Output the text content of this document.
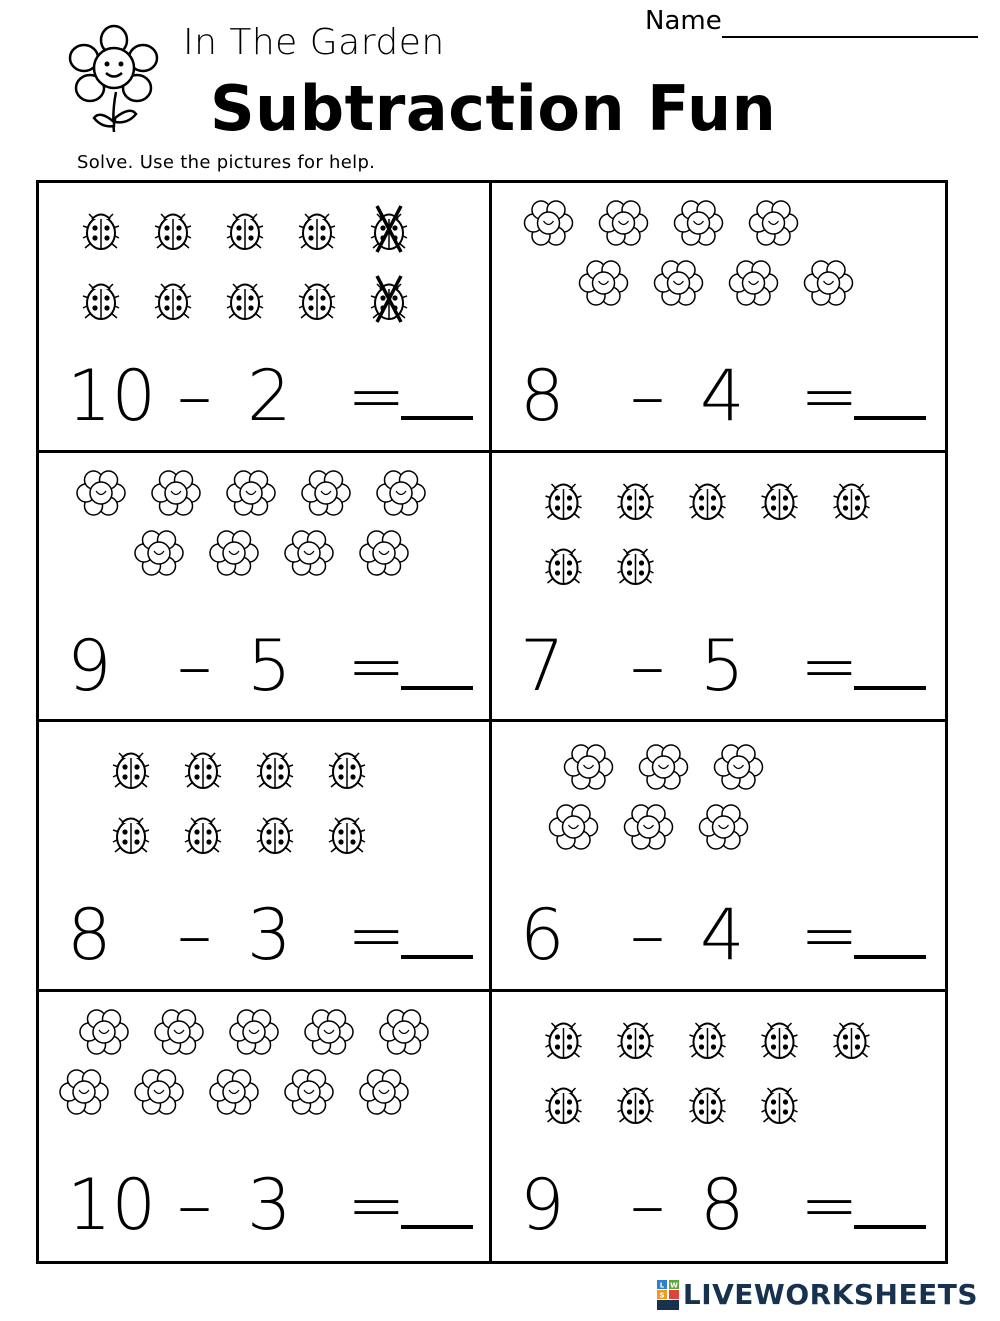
In The Garden
Subtraction Fun
Name
Solve. Use the pictures for help.
10 – 2 =	8 – 4 =
9 – 5 =	7 – 5 =
8 – 3 =	6 – 4 =
10 – 3 =	9 – 8 =
L W
S LIVEWORKSHEETS
